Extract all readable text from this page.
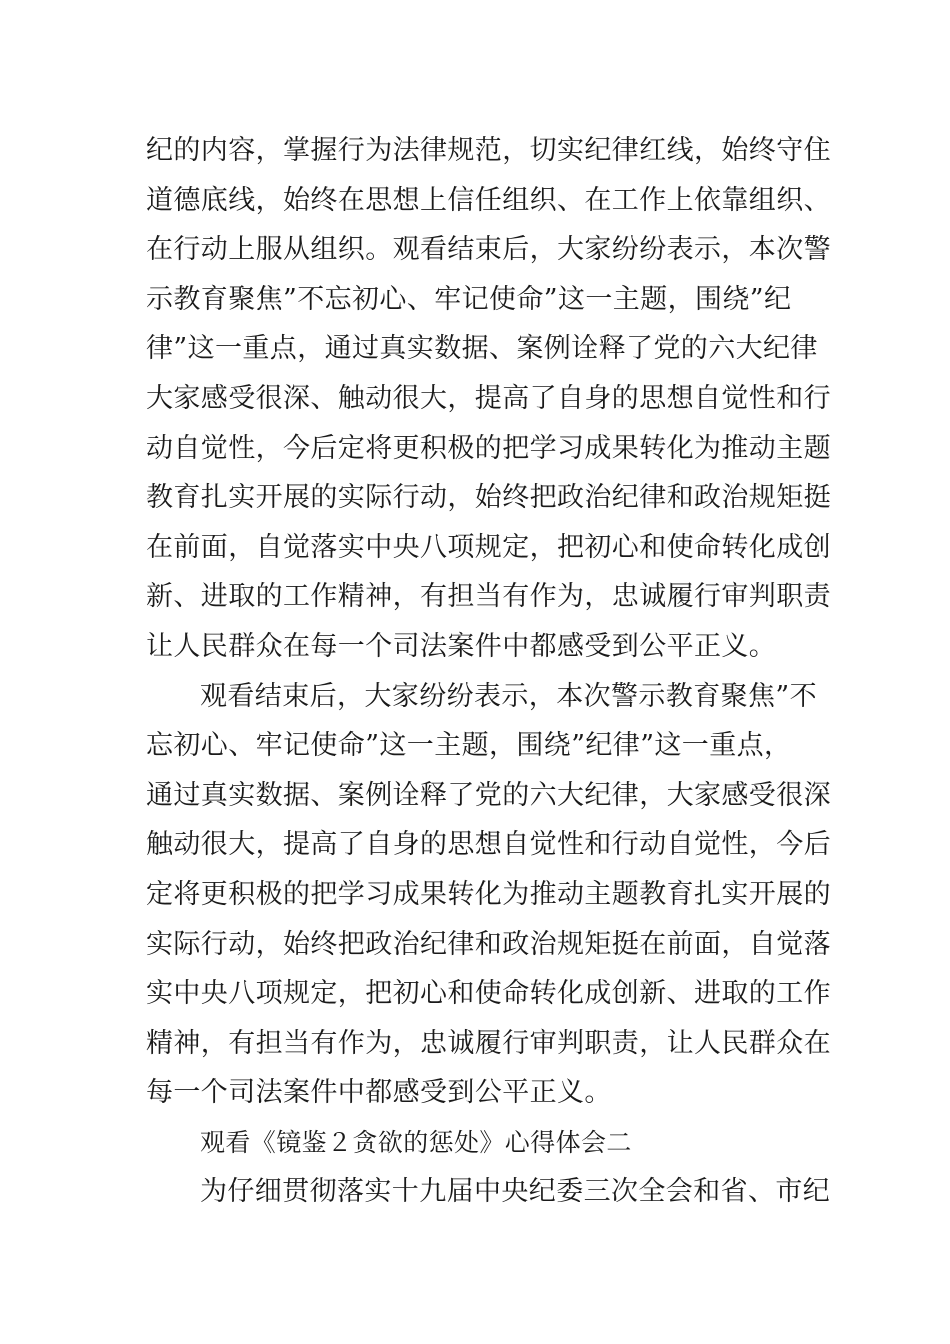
纪的内容，掌握行为法律规范，切实纪律红线，始终守住
道德底线，始终在思想上信任组织、在工作上依靠组织、
在行动上服从组织。观看结束后，大家纷纷表示，本次警
示教育聚焦”不忘初心、牢记使命”这一主题，围绕”纪
律”这一重点，通过真实数据、案例诠释了党的六大纪律
大家感受很深、触动很大，提高了自身的思想自觉性和行
动自觉性，今后定将更积极的把学习成果转化为推动主题
教育扎实开展的实际行动，始终把政治纪律和政治规矩挺
在前面，自觉落实中央八项规定，把初心和使命转化成创
新、进取的工作精神，有担当有作为，忠诚履行审判职责
让人民群众在每一个司法案件中都感受到公平正义。
观看结束后，大家纷纷表示，本次警示教育聚焦”不
忘初心、牢记使命”这一主题，围绕”纪律”这一重点，
通过真实数据、案例诠释了党的六大纪律，大家感受很深
触动很大，提高了自身的思想自觉性和行动自觉性，今后
定将更积极的把学习成果转化为推动主题教育扎实开展的
实际行动，始终把政治纪律和政治规矩挺在前面，自觉落
实中央八项规定，把初心和使命转化成创新、进取的工作
精神，有担当有作为，忠诚履行审判职责，让人民群众在
每一个司法案件中都感受到公平正义。
观看《镜鉴２贪欲的惩处》心得体会二
为仔细贯彻落实十九届中央纪委三次全会和省、市纪
